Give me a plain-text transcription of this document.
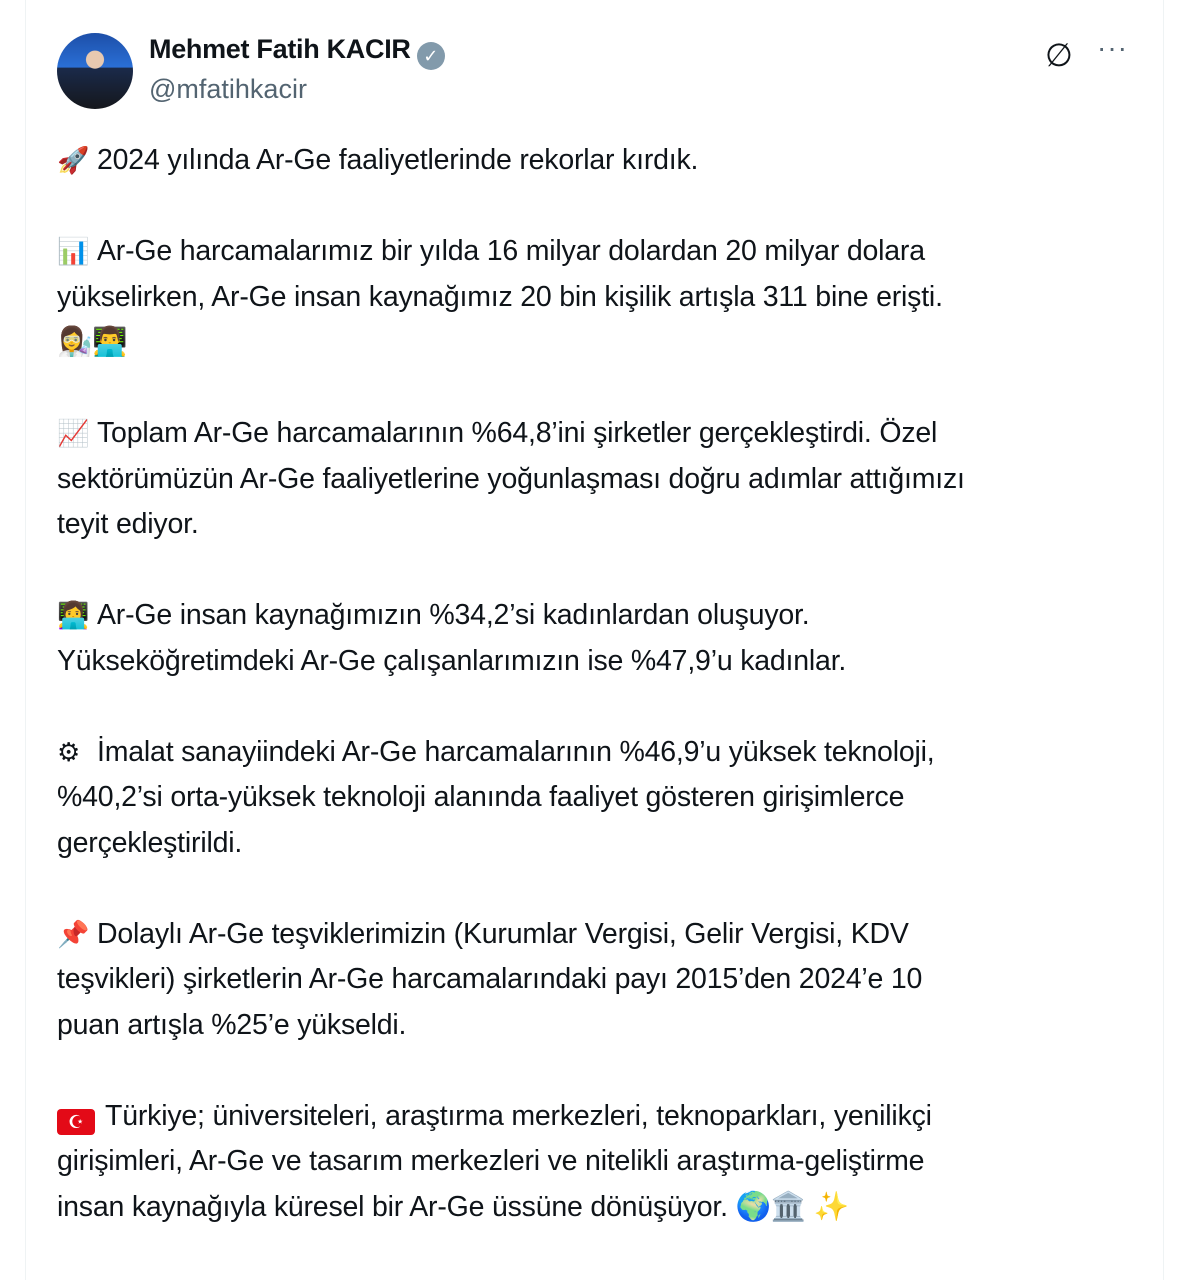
Mehmet Fatih KACIR ✓
@mfatihkacir
∅ ···
🚀 2024 yılında Ar-Ge faaliyetlerinde rekorlar kırdık.
📊 Ar-Ge harcamalarımız bir yılda 16 milyar dolardan 20 milyar dolara
yükselirken, Ar-Ge insan kaynağımız 20 bin kişilik artışla 311 bine erişti.
👩‍🔬👨‍💻
📈 Toplam Ar-Ge harcamalarının %64,8’ini şirketler gerçekleştirdi. Özel
sektörümüzün Ar-Ge faaliyetlerine yoğunlaşması doğru adımlar attığımızı
teyit ediyor.
👩‍💻 Ar-Ge insan kaynağımızın %34,2’si kadınlardan oluşuyor.
Yükseköğretimdeki Ar-Ge çalışanlarımızın ise %47,9’u kadınlar.
⚙ İmalat sanayiindeki Ar-Ge harcamalarının %46,9’u yüksek teknoloji,
%40,2’si orta-yüksek teknoloji alanında faaliyet gösteren girişimlerce
gerçekleştirildi.
📌 Dolaylı Ar-Ge teşviklerimizin (Kurumlar Vergisi, Gelir Vergisi, KDV
teşvikleri) şirketlerin Ar-Ge harcamalarındaki payı 2015’den 2024’e 10
puan artışla %25’e yükseldi.
☪ Türkiye; üniversiteleri, araştırma merkezleri, teknoparkları, yenilikçi
girişimleri, Ar-Ge ve tasarım merkezleri ve nitelikli araştırma-geliştirme
insan kaynağıyla küresel bir Ar-Ge üssüne dönüşüyor. 🌍🏛️ ✨
